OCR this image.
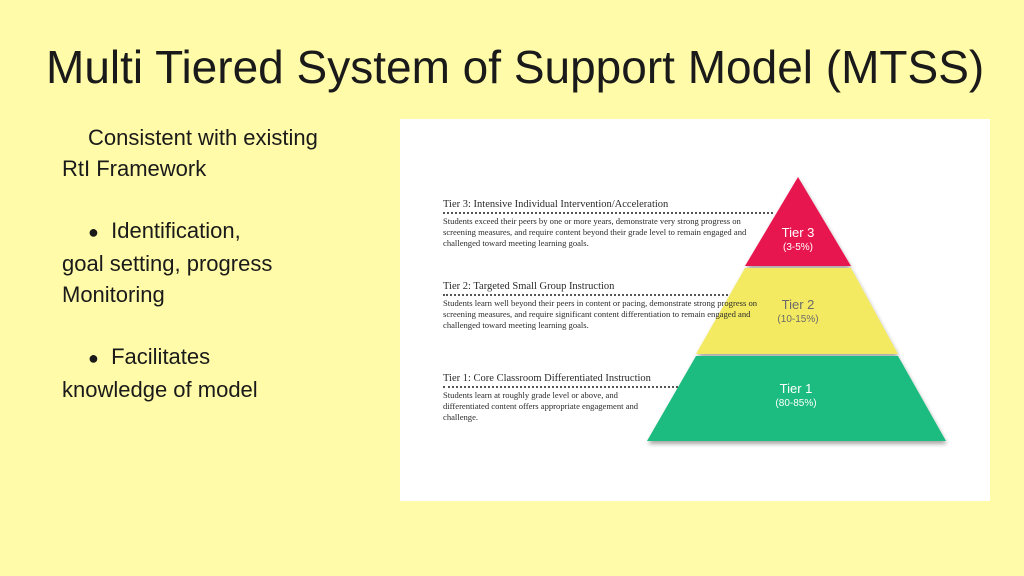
Multi Tiered System of Support Model (MTSS)
Consistent with existing
RtI Framework
● Identification,
goal setting, progress Monitoring
● Facilitates
knowledge of model
Tier 3: Intensive Individual Intervention/Acceleration
Students exceed their peers by one or more years, demonstrate very strong progress on screening measures, and require content beyond their grade level to remain engaged and challenged toward meeting learning goals.
Tier 2: Targeted Small Group Instruction
Students learn well beyond their peers in content or pacing, demonstrate strong progress on screening measures, and require significant content differentiation to remain engaged and challenged toward meeting learning goals.
Tier 1: Core Classroom Differentiated Instruction
Students learn at roughly grade level or above, and differentiated content offers appropriate engagement and challenge.
Tier 3
(3-5%)
Tier 2
(10-15%)
Tier 1
(80-85%)
